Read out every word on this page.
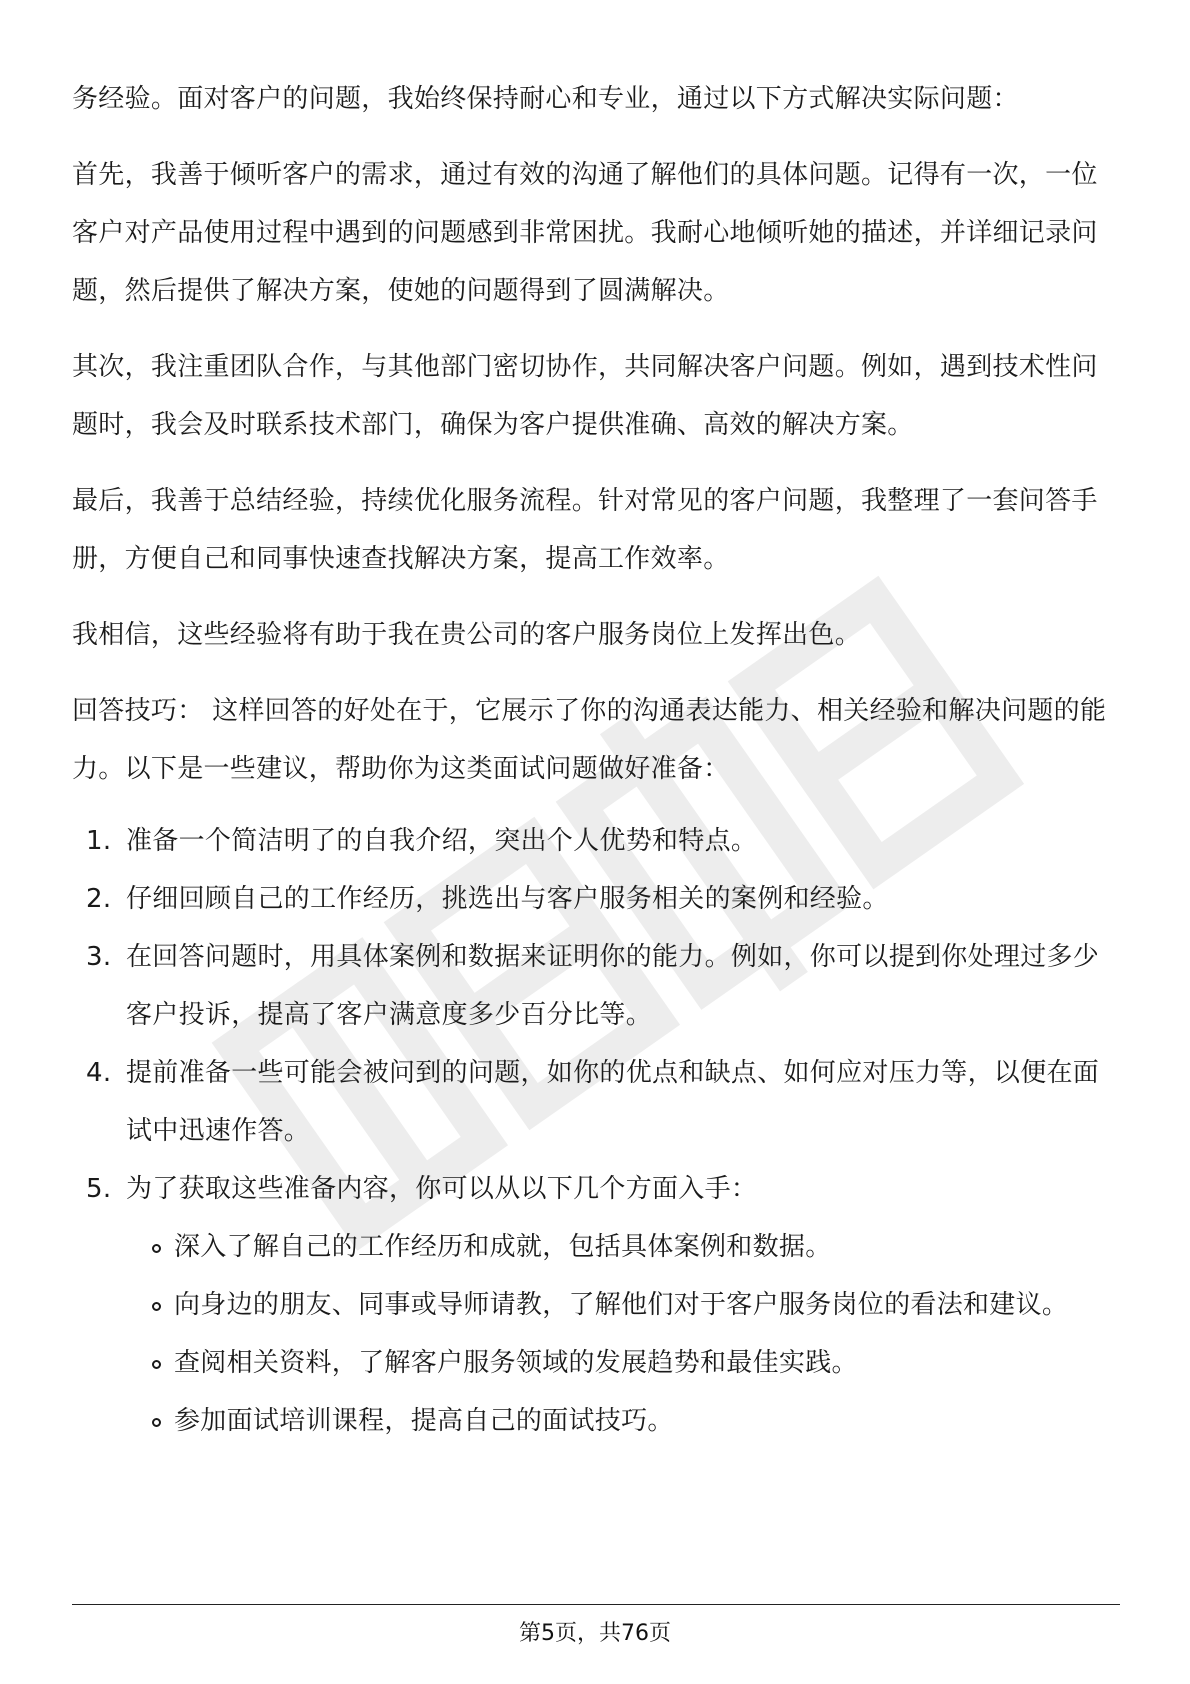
务经验。面对客户的问题，我始终保持耐心和专业，通过以下方式解决实际问题：

首先，我善于倾听客户的需求，通过有效的沟通了解他们的具体问题。记得有一次，一位客户对产品使用过程中遇到的问题感到非常困扰。我耐心地倾听她的描述，并详细记录问题，然后提供了解决方案，使她的问题得到了圆满解决。

其次，我注重团队合作，与其他部门密切协作，共同解决客户问题。例如，遇到技术性问题时，我会及时联系技术部门，确保为客户提供准确、高效的解决方案。

最后，我善于总结经验，持续优化服务流程。针对常见的客户问题，我整理了一套问答手册，方便自己和同事快速查找解决方案，提高工作效率。

我相信，这些经验将有助于我在贵公司的客户服务岗位上发挥出色。

回答技巧： 这样回答的好处在于，它展示了你的沟通表达能力、相关经验和解决问题的能力。以下是一些建议，帮助你为这类面试问题做好准备：

1. 准备一个简洁明了的自我介绍，突出个人优势和特点。
2. 仔细回顾自己的工作经历，挑选出与客户服务相关的案例和经验。
3. 在回答问题时，用具体案例和数据来证明你的能力。例如，你可以提到你处理过多少客户投诉，提高了客户满意度多少百分比等。
4. 提前准备一些可能会被问到的问题，如你的优点和缺点、如何应对压力等，以便在面试中迅速作答。
5. 为了获取这些准备内容，你可以从以下几个方面入手：
深入了解自己的工作经历和成就，包括具体案例和数据。
向身边的朋友、同事或导师请教，了解他们对于客户服务岗位的看法和建议。
查阅相关资料，了解客户服务领域的发展趋势和最佳实践。
参加面试培训课程，提高自己的面试技巧。
第5页，共76页
